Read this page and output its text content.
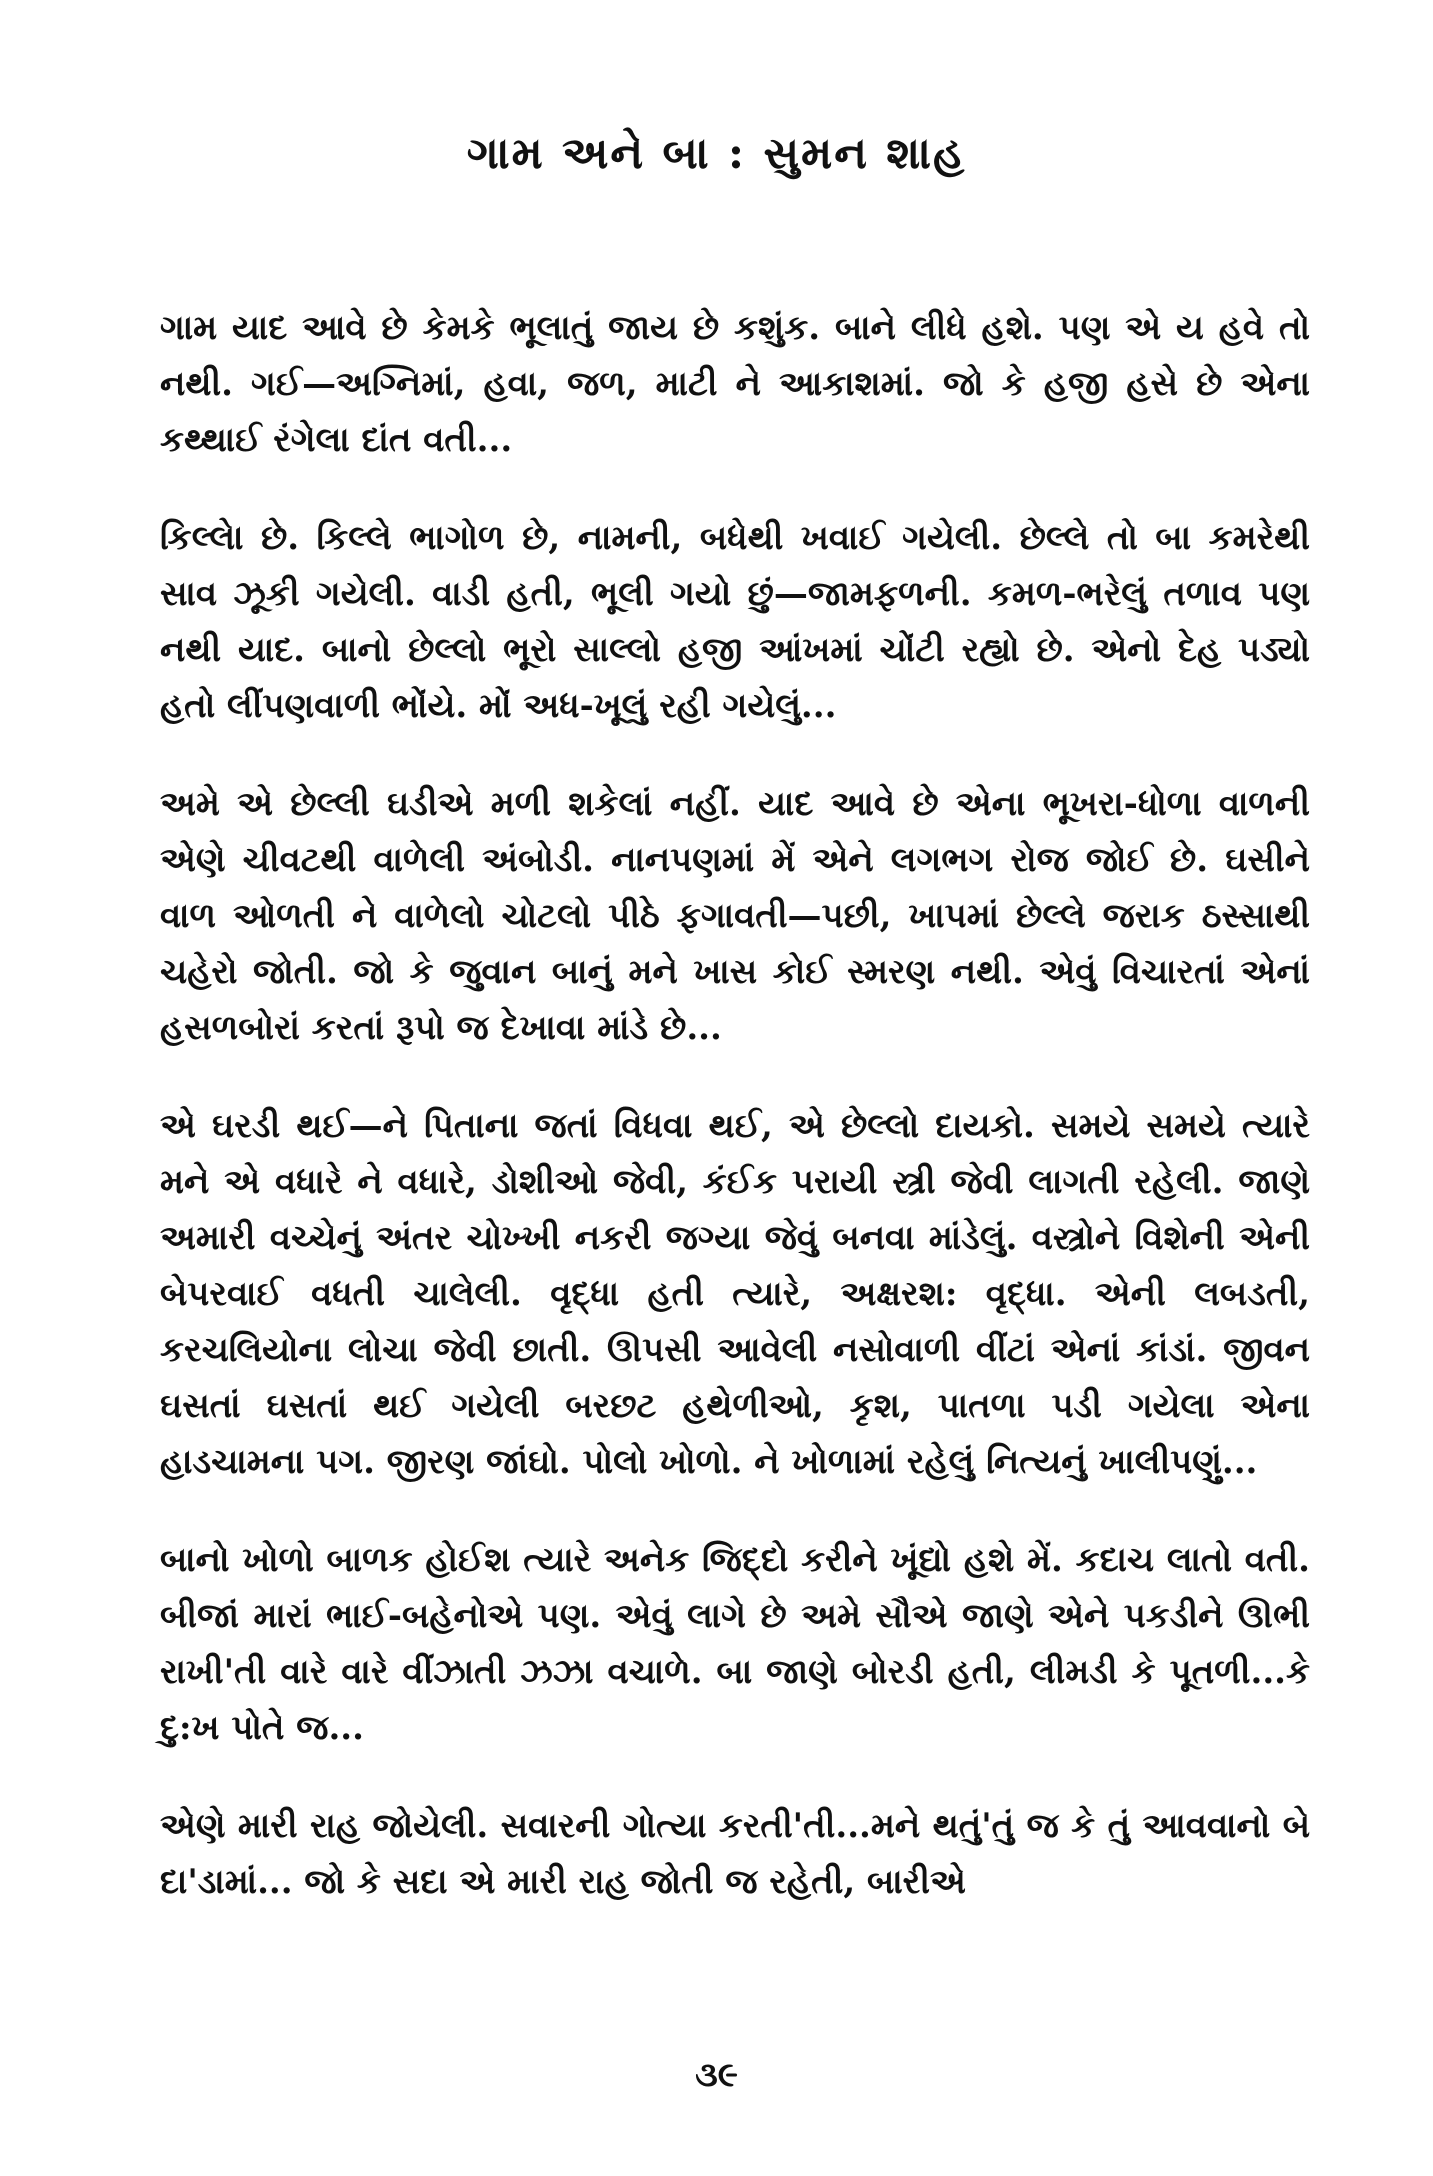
ગામ અને બા : સુમન શાહ

ગામ યાદ આવે છે કેમકે ભૂલાતું જાય છે કશુંક. બાને લીધે હશે. પણ એ ય હવે તો નથી. ગઈ—અગ્નિમાં, હવા, જળ, માટી ને આકાશમાં. જો કે હજી હસે છે એના કથ્થાઈ રંગેલા દાંત વતી...

કિલ્લેા છે. કિલ્લે ભાગોળ છે, નામની, બધેથી ખવાઈ ગયેલી. છેલ્લે તો બા કમરેથી સાવ ઝૂકી ગયેલી. વાડી હતી, ભૂલી ગયો છું—જામફળની. કમળ-ભરેલું તળાવ પણ નથી યાદ. બાનો છેલ્લો ભૂરો સાલ્લો હજી આંખમાં ચોંટી રહ્યો છે. એનો દેહ પડ્યો હતો લીંપણવાળી ભોંયે. મોં અધ-ખૂલું રહી ગયેલું...

અમે એ છેલ્લી ઘડીએ મળી શકેલાં નહીં. યાદ આવે છે એના ભૂખરા-ધોળા વાળની એણે ચીવટથી વાળેલી અંબોડી. નાનપણમાં મેં એને લગભગ રોજ જોઈ છે. ઘસીને વાળ ઓળતી ને વાળેલો ચોટલો પીઠે ફગાવતી—પછી, ખાપમાં છેલ્લે જરાક ઠસ્સાથી ચહેરો જોતી. જો કે જુવાન બાનું મને ખાસ કોઈ સ્મરણ નથી. એવું વિચારતાં એનાં હસળબોરાં કરતાં રૂપો જ દેખાવા માંડે છે...

એ ઘરડી થઈ—ને પિતાના જતાં વિધવા થઈ, એ છેલ્લો દાયકો. સમયે સમયે ત્યારે મને એ વધારે ને વધારે, ડોશીઓ જેવી, કંઈક પરાયી સ્ત્રી જેવી લાગતી રહેલી. જાણે અમારી વચ્ચેનું અંતર ચોખ્ખી નકરી જગ્યા જેવું બનવા માંડેલું. વસ્ત્રોને વિશેની એની બેપરવાઈ વધતી ચાલેલી. વૃદ્ધા હતી ત્યારે, અક્ષરશ: વૃદ્ધા. એની લબડતી, કરચલિયોના લોચા જેવી છાતી. ઊપસી આવેલી નસોવાળી વીંટાં એનાં કાંડાં. જીવન ઘસતાં ઘસતાં થઈ ગયેલી બરછટ હથેળીઓ, કૃશ, પાતળા પડી ગયેલા એના હાડચામના પગ. જીરણ જાંઘો. પોલો ખોળો. ને ખોળામાં રહેલું નિત્યનું ખાલીપણું...

બાનો ખોળો બાળક હોઈશ ત્યારે અનેક જિદ્દો કરીને ખૂંદ્યો હશે મેં. કદાચ લાતો વતી. બીજાં મારાં ભાઈ-બહેનોએ પણ. એવું લાગે છે અમે સૌએ જાણે એને પકડીને ઊભી રાખી'તી વારે વારે વીંઝાતી ઝઝા વચાળે. બા જાણે બોરડી હતી, લીમડી કે પૂતળી...કે દુ:ખ પોતે જ...

એણે મારી રાહ જોયેલી. સવારની ગોત્યા કરતી'તી...મને થતું'તું જ કે તું આવવાનો બે દા'ડામાં... જો કે સદા એ મારી રાહ જોતી જ રહેતી, બારીએ

૩૯
